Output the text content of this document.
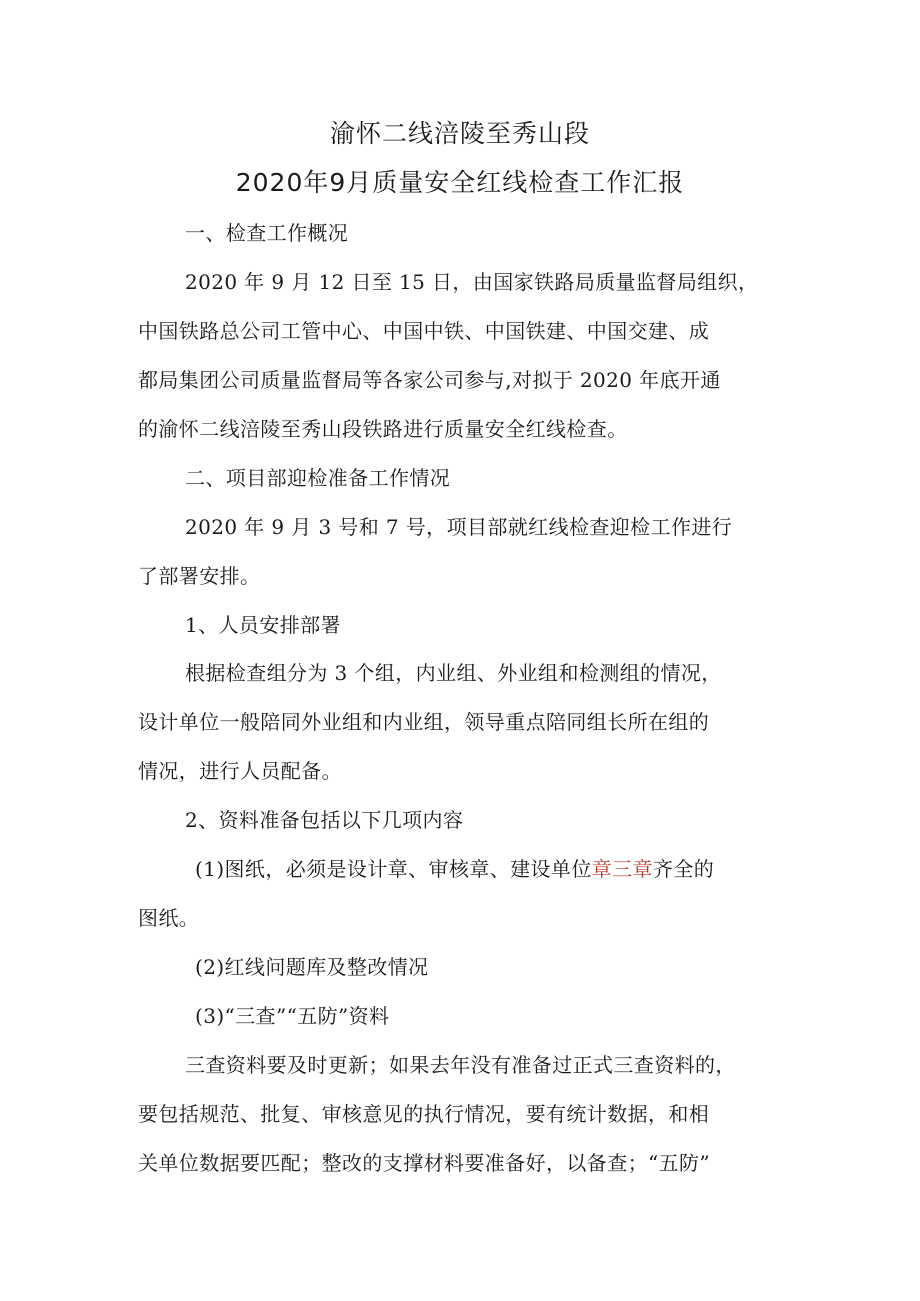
渝怀二线涪陵至秀山段
2020年9月质量安全红线检查工作汇报
一、检查工作概况
2020 年 9 月 12 日至 15 日，由国家铁路局质量监督局组织，
中国铁路总公司工管中心、中国中铁、中国铁建、中国交建、成
都局集团公司质量监督局等各家公司参与,对拟于 2020 年底开通
的渝怀二线涪陵至秀山段铁路进行质量安全红线检查。
二、项目部迎检准备工作情况
2020 年 9 月 3 号和 7 号，项目部就红线检查迎检工作进行
了部署安排。
1、人员安排部署
根据检查组分为 3 个组，内业组、外业组和检测组的情况，
设计单位一般陪同外业组和内业组，领导重点陪同组长所在组的
情况，进行人员配备。
2、资料准备包括以下几项内容
(1)图纸，必须是设计章、审核章、建设单位章三章齐全的
图纸。
(2)红线问题库及整改情况
(3)“三查”“五防”资料
三查资料要及时更新；如果去年没有准备过正式三查资料的，
要包括规范、批复、审核意见的执行情况，要有统计数据，和相
关单位数据要匹配；整改的支撑材料要准备好，以备查；“五防”
